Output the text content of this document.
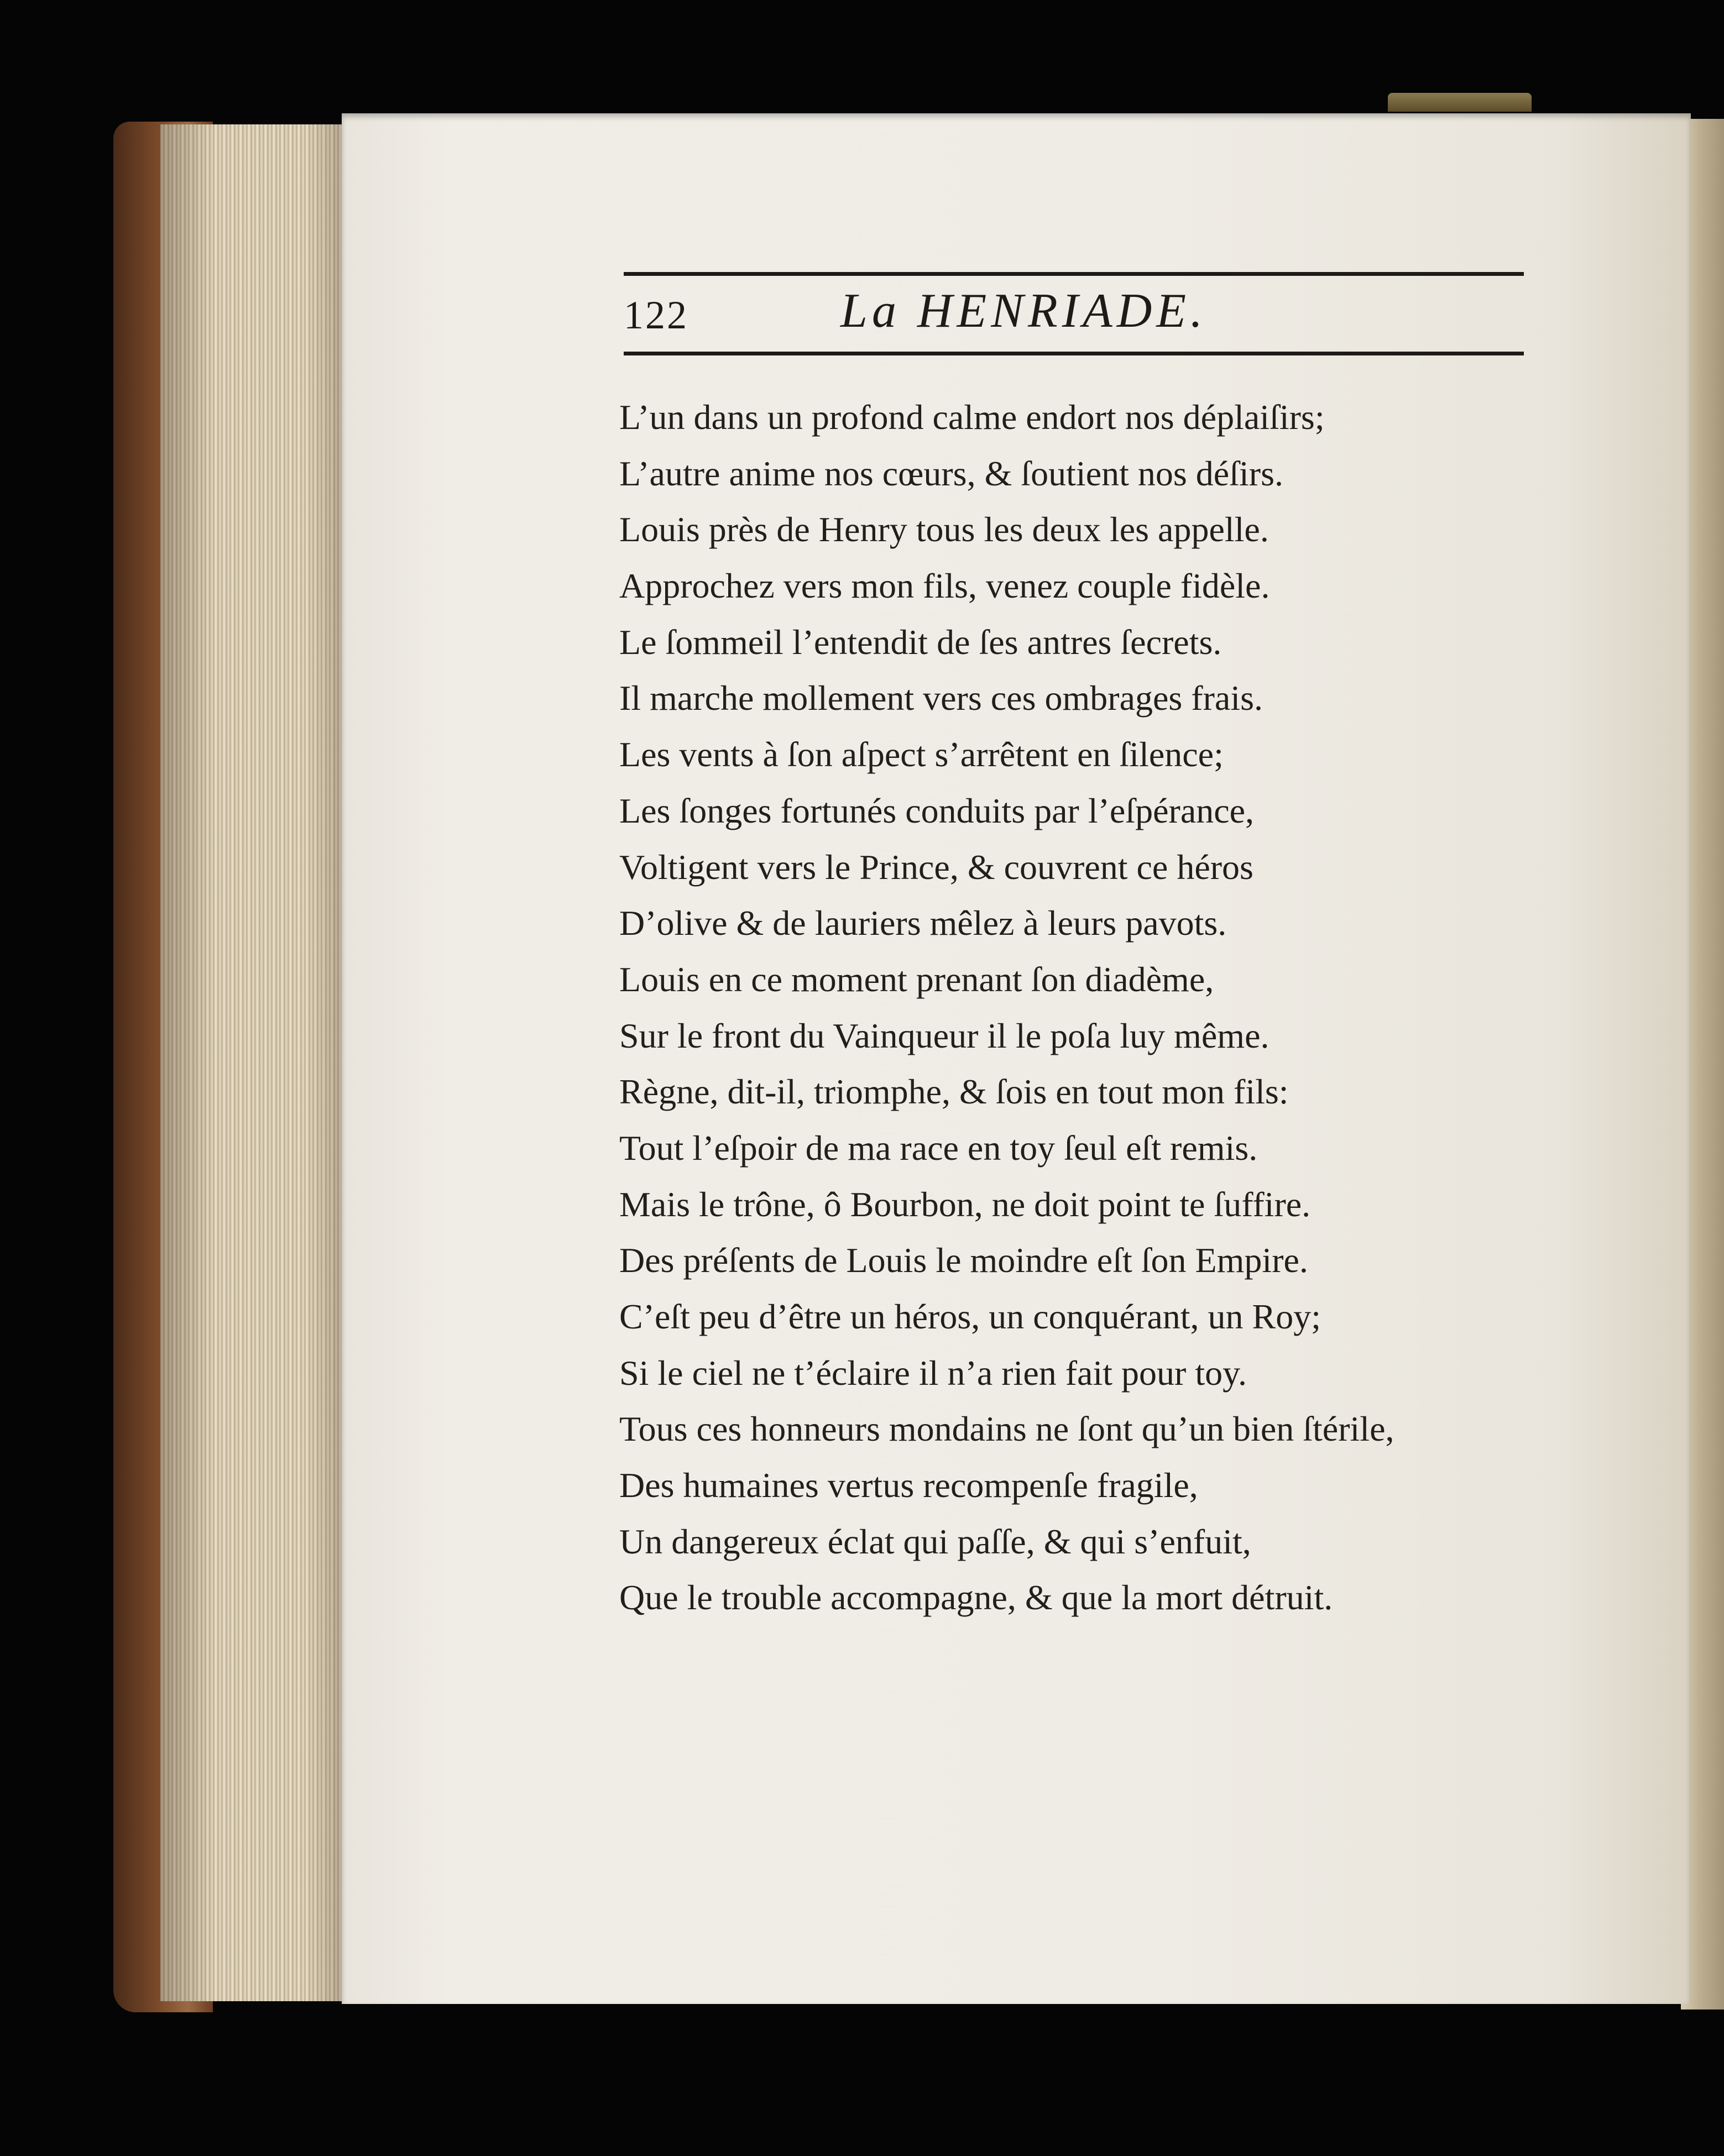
122	La HENRIADE.

L’un dans un profond calme endort nos déplaiſirs;
L’autre anime nos cœurs, & ſoutient nos déſirs.
Louis près de Henry tous les deux les appelle.
Approchez vers mon fils, venez couple fidèle.
Le ſommeil l’entendit de ſes antres ſecrets.
Il marche mollement vers ces ombrages frais.
Les vents à ſon aſpect s’arrêtent en ſilence;
Les ſonges fortunés conduits par l’eſpérance,
Voltigent vers le Prince, & couvrent ce héros
D’olive & de lauriers mêlez à leurs pavots.
Louis en ce moment prenant ſon diadème,
Sur le front du Vainqueur il le poſa luy même.
Règne, dit-il, triomphe, & ſois en tout mon fils:
Tout l’eſpoir de ma race en toy ſeul eſt remis.
Mais le trône, ô Bourbon, ne doit point te ſuffire.
Des préſents de Louis le moindre eſt ſon Empire.
C’eſt peu d’être un héros, un conquérant, un Roy;
Si le ciel ne t’éclaire il n’a rien fait pour toy.
Tous ces honneurs mondains ne ſont qu’un bien ſtérile,
Des humaines vertus recompenſe fragile,
Un dangereux éclat qui paſſe, & qui s’enfuit,
Que le trouble accompagne, & que la mort détruit.
